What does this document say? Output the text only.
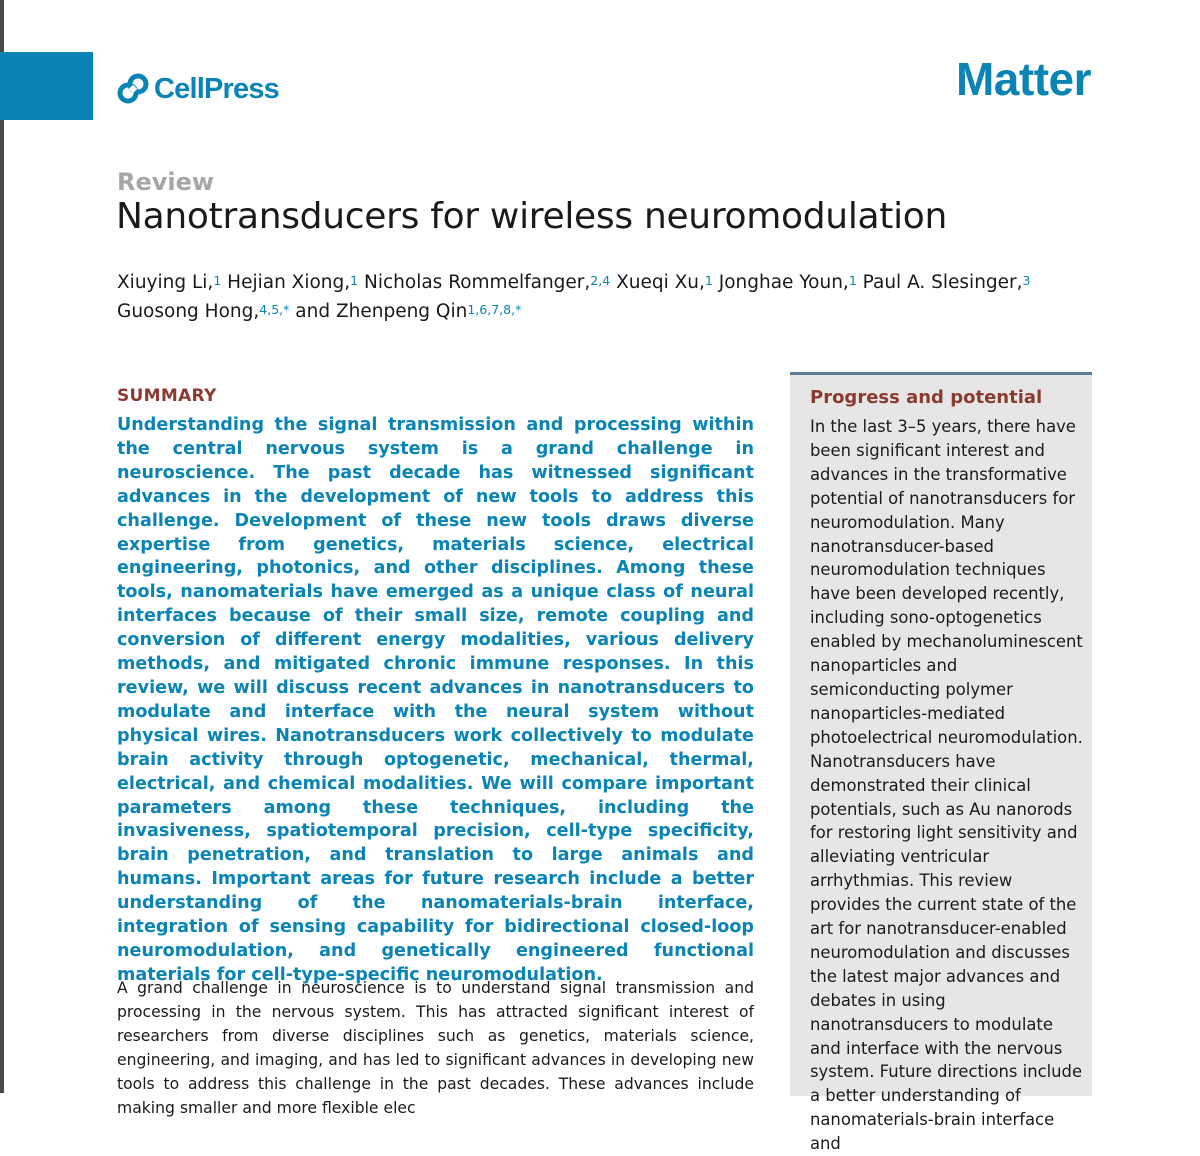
CellPress	Matter
Review
Nanotransducers for wireless neuromodulation
Xiuying Li,$^1$ Hejian Xiong,$^1$ Nicholas Rommelfanger,$^{2,4}$ Xueqi Xu,$^1$ Jonghae Youn,$^1$ Paul A. Slesinger,$^3$ Guosong Hong,$^{4,5,*}$ and Zhenpeng Qin$^{1,6,7,8,*}$
SUMMARY
Understanding the signal transmission and processing within the central nervous system is a grand challenge in neuroscience. The past decade has witnessed significant advances in the development of new tools to address this challenge. Development of these new tools draws diverse expertise from genetics, materials science, electrical engineering, photonics, and other disciplines. Among these tools, nanomaterials have emerged as a unique class of neural interfaces because of their small size, remote coupling and conversion of different energy modalities, various delivery methods, and mitigated chronic immune responses. In this review, we will discuss recent advances in nanotransducers to modulate and interface with the neural system without physical wires. Nanotransducers work collectively to modulate brain activity through optogenetic, mechanical, thermal, electrical, and chemical modalities. We will compare important parameters among these techniques, including the invasiveness, spatiotemporal precision, cell-type specificity, brain penetration, and translation to large animals and humans. Important areas for future research include a better understanding of the nanomaterials-brain interface, integration of sensing capability for bidirectional closed-loop neuromodulation, and genetically engineered functional materials for cell-type-specific neuromodulation.
A grand challenge in neuroscience is to understand signal transmission and processing in the nervous system. This has attracted significant interest of researchers from diverse disciplines such as genetics, materials science, engineering, and imaging, and has led to significant advances in developing new tools to address this challenge in the past decades. These advances include making smaller and more flexible elec
Progress and potential
In the last 3–5 years, there have been significant interest and advances in the transformative potential of nanotransducers for neuromodulation. Many nanotransducer-based neuromodulation techniques have been developed recently, including sono-optogenetics enabled by mechanoluminescent nanoparticles and semiconducting polymer nanoparticles-mediated photoelectrical neuromodulation. Nanotransducers have demonstrated their clinical potentials, such as Au nanorods for restoring light sensitivity and alleviating ventricular arrhythmias. This review provides the current state of the art for nanotransducer-enabled neuromodulation and discusses the latest major advances and debates in using nanotransducers to modulate and interface with the nervous system. Future directions include a better understanding of nanomaterials-brain interface and
